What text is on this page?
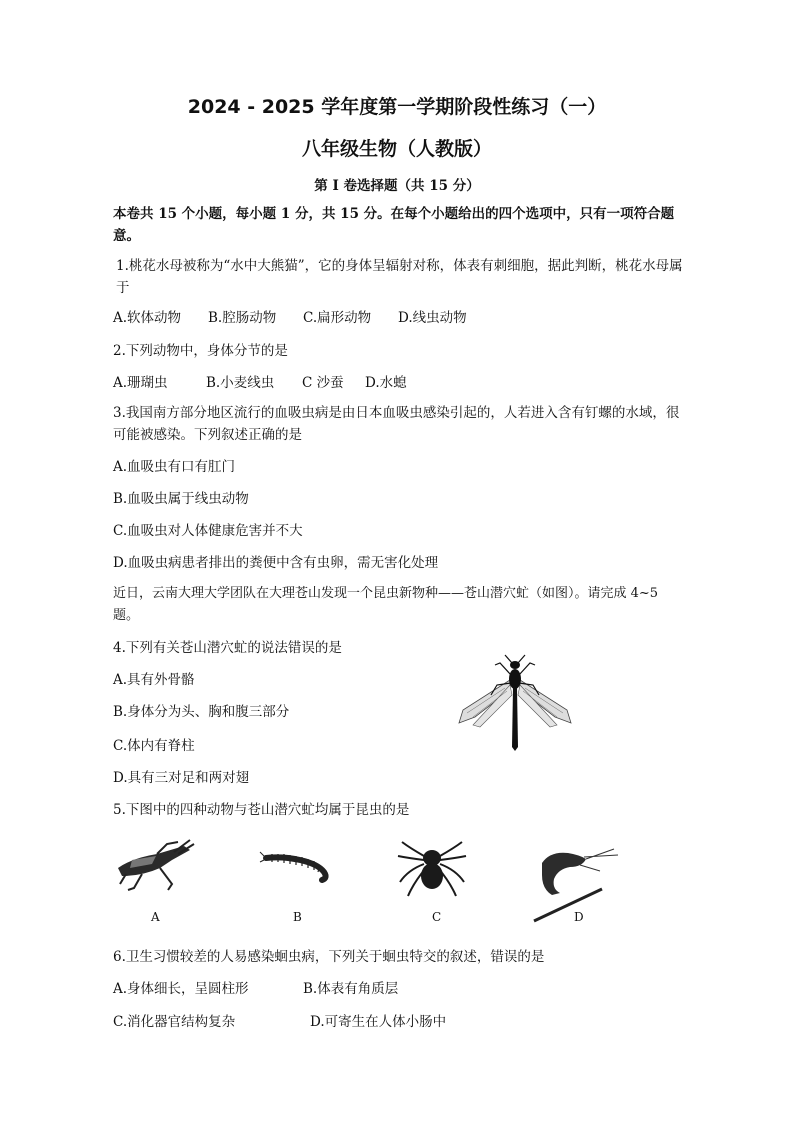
2024 - 2025 学年度第一学期阶段性练习（一）
八年级生物（人教版）
第 I 卷选择题（共 15 分）
本卷共 15 个小题，每小题 1 分，共 15 分。在每个小题给出的四个选项中，只有一项符合题意。
1.桃花水母被称为“水中大熊猫”，它的身体呈辐射对称，体表有刺细胞，据此判断，桃花水母属于
A.软体动物 B.腔肠动物 C.扁形动物 D.线虫动物
2.下列动物中，身体分节的是
A.珊瑚虫	B.小麦线虫 C 沙蚕 D.水螅
3.我国南方部分地区流行的血吸虫病是由日本血吸虫感染引起的，人若进入含有钉螺的水域，很可能被感染。下列叙述正确的是
A.血吸虫有口有肛门
B.血吸虫属于线虫动物
C.血吸虫对人体健康危害并不大
D.血吸虫病患者排出的粪便中含有虫卵，需无害化处理
近日，云南大理大学团队在大理苍山发现一个昆虫新物种——苍山潜穴虻（如图）。请完成 4~5 题。
4.下列有关苍山潜穴虻的说法错误的是
A.具有外骨骼
B.身体分为头、胸和腹三部分
C.体内有脊柱
D.具有三对足和两对翅
5.下图中的四种动物与苍山潜穴虻均属于昆虫的是
A	B	C	D
6.卫生习惯较差的人易感染蛔虫病，下列关于蛔虫特交的叙述，错误的是
A.身体细长，呈圆柱形	B.体表有角质层
C.消化器官结构复杂	D.可寄生在人体小肠中
